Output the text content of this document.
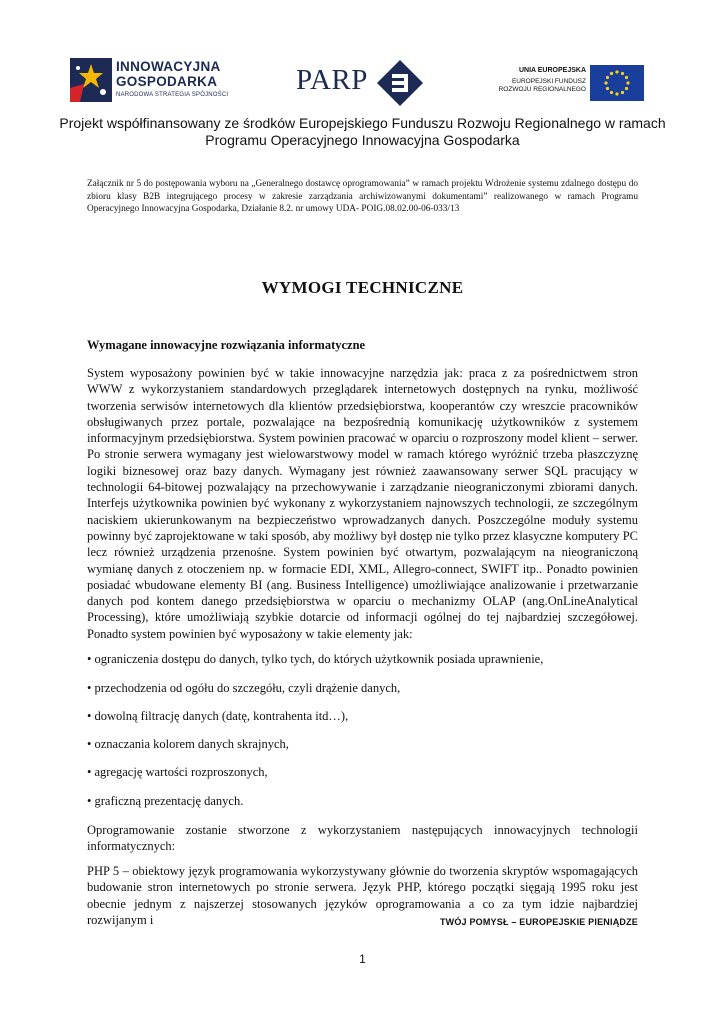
INNOWACYJNA
GOSPODARKA
NARODOWA STRATEGIA SPÓJNOŚCI PARP	UNIA EUROPEJSKA
EUROPEJSKI FUNDUSZ
ROZWOJU REGIONALNEGO
Projekt współfinansowany ze środków Europejskiego Funduszu Rozwoju Regionalnego w ramach
Programu Operacyjnego Innowacyjna Gospodarka
Załącznik nr 5 do postępowania wyboru na „Generalnego dostawcę oprogramowania” w ramach projektu Wdrożenie systemu zdalnego dostępu do zbioru klasy B2B integrującego procesy w zakresie zarządzania archiwizowanymi dokumentami” realizowanego w ramach Programu Operacyjnego Innowacyjna Gospodarka, Działanie 8.2. nr umowy UDA- POIG.08.02.00-06-033/13
WYMOGI TECHNICZNE
Wymagane innowacyjne rozwiązania informatyczne

System wyposażony powinien być w takie innowacyjne narzędzia jak: praca z za pośrednictwem stron WWW z wykorzystaniem standardowych przeglądarek internetowych dostępnych na rynku, możliwość tworzenia serwisów internetowych dla klientów przedsiębiorstwa, kooperantów czy wreszcie pracowników obsługiwanych przez portale, pozwalające na bezpośrednią komunikację użytkowników z systemem informacyjnym przedsiębiorstwa. System powinien pracować w oparciu o rozproszony model klient – serwer. Po stronie serwera wymagany jest wielowarstwowy model w ramach którego wyróżnić trzeba płaszczyznę logiki biznesowej oraz bazy danych. Wymagany jest również zaawansowany serwer SQL pracujący w technologii 64-bitowej pozwalający na przechowywanie i zarządzanie nieograniczonymi zbiorami danych. Interfejs użytkownika powinien być wykonany z wykorzystaniem najnowszych technologii, ze szczególnym naciskiem ukierunkowanym na bezpieczeństwo wprowadzanych danych. Poszczególne moduły systemu powinny być zaprojektowane w taki sposób, aby możliwy był dostęp nie tylko przez klasyczne komputery PC lecz również urządzenia przenośne. System powinien być otwartym, pozwalającym na nieograniczoną wymianę danych z otoczeniem np. w formacie EDI, XML, Allegro-connect, SWIFT itp.. Ponadto powinien posiadać wbudowane elementy BI (ang. Business Intelligence) umożliwiające analizowanie i przetwarzanie danych pod kontem danego przedsiębiorstwa w oparciu o mechanizmy OLAP (ang.OnLineAnalytical Processing), które umożliwiają szybkie dotarcie od informacji ogólnej do tej najbardziej szczegółowej. Ponadto system powinien być wyposażony w takie elementy jak:

• ograniczenia dostępu do danych, tylko tych, do których użytkownik posiada uprawnienie,
• przechodzenia od ogółu do szczegółu, czyli drążenie danych,
• dowolną filtrację danych (datę, kontrahenta itd…),
• oznaczania kolorem danych skrajnych,
• agregację wartości rozproszonych,
• graficzną prezentację danych.

Oprogramowanie zostanie stworzone z wykorzystaniem następujących innowacyjnych technologii informatycznych:

PHP 5 – obiektowy język programowania wykorzystywany głównie do tworzenia skryptów wspomagających budowanie stron internetowych po stronie serwera. Język PHP, którego początki sięgają 1995 roku jest obecnie jednym z najszerzej stosowanych języków oprogramowania a co za tym idzie najbardziej rozwijanym i	TWÓJ POMYSŁ – EUROPEJSKIE PIENIĄDZE
1
